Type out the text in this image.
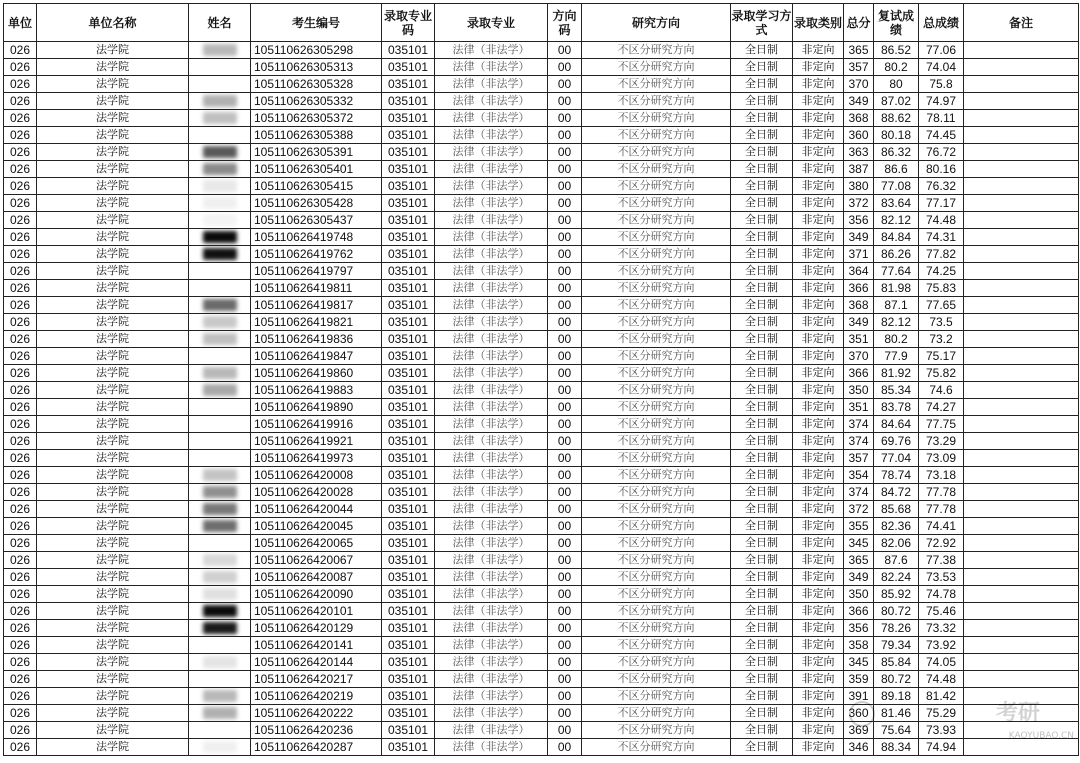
单位	单位名称	姓名	考生编号	录取专业码	录取专业	方向码	研究方向	录取学习方式	录取类别	总分	复试成绩	总成绩	备注
026	法学院		105110626305298	035101	法律（非法学）	00	不区分研究方向	全日制	非定向	365	86.52	77.06	
026	法学院		105110626305313	035101	法律（非法学）	00	不区分研究方向	全日制	非定向	357	80.2	74.04	
026	法学院		105110626305328	035101	法律（非法学）	00	不区分研究方向	全日制	非定向	370	80	75.8	
026	法学院		105110626305332	035101	法律（非法学）	00	不区分研究方向	全日制	非定向	349	87.02	74.97	
026	法学院		105110626305372	035101	法律（非法学）	00	不区分研究方向	全日制	非定向	368	88.62	78.11	
026	法学院		105110626305388	035101	法律（非法学）	00	不区分研究方向	全日制	非定向	360	80.18	74.45	
026	法学院		105110626305391	035101	法律（非法学）	00	不区分研究方向	全日制	非定向	363	86.32	76.72	
026	法学院		105110626305401	035101	法律（非法学）	00	不区分研究方向	全日制	非定向	387	86.6	80.16	
026	法学院		105110626305415	035101	法律（非法学）	00	不区分研究方向	全日制	非定向	380	77.08	76.32	
026	法学院		105110626305428	035101	法律（非法学）	00	不区分研究方向	全日制	非定向	372	83.64	77.17	
026	法学院		105110626305437	035101	法律（非法学）	00	不区分研究方向	全日制	非定向	356	82.12	74.48	
026	法学院		105110626419748	035101	法律（非法学）	00	不区分研究方向	全日制	非定向	349	84.84	74.31	
026	法学院		105110626419762	035101	法律（非法学）	00	不区分研究方向	全日制	非定向	371	86.26	77.82	
026	法学院		105110626419797	035101	法律（非法学）	00	不区分研究方向	全日制	非定向	364	77.64	74.25	
026	法学院		105110626419811	035101	法律（非法学）	00	不区分研究方向	全日制	非定向	366	81.98	75.83	
026	法学院		105110626419817	035101	法律（非法学）	00	不区分研究方向	全日制	非定向	368	87.1	77.65	
026	法学院		105110626419821	035101	法律（非法学）	00	不区分研究方向	全日制	非定向	349	82.12	73.5	
026	法学院		105110626419836	035101	法律（非法学）	00	不区分研究方向	全日制	非定向	351	80.2	73.2	
026	法学院		105110626419847	035101	法律（非法学）	00	不区分研究方向	全日制	非定向	370	77.9	75.17	
026	法学院		105110626419860	035101	法律（非法学）	00	不区分研究方向	全日制	非定向	366	81.92	75.82	
026	法学院		105110626419883	035101	法律（非法学）	00	不区分研究方向	全日制	非定向	350	85.34	74.6	
026	法学院		105110626419890	035101	法律（非法学）	00	不区分研究方向	全日制	非定向	351	83.78	74.27	
026	法学院		105110626419916	035101	法律（非法学）	00	不区分研究方向	全日制	非定向	374	84.64	77.75	
026	法学院		105110626419921	035101	法律（非法学）	00	不区分研究方向	全日制	非定向	374	69.76	73.29	
026	法学院		105110626419973	035101	法律（非法学）	00	不区分研究方向	全日制	非定向	357	77.04	73.09	
026	法学院		105110626420008	035101	法律（非法学）	00	不区分研究方向	全日制	非定向	354	78.74	73.18	
026	法学院		105110626420028	035101	法律（非法学）	00	不区分研究方向	全日制	非定向	374	84.72	77.78	
026	法学院		105110626420044	035101	法律（非法学）	00	不区分研究方向	全日制	非定向	372	85.68	77.78	
026	法学院		105110626420045	035101	法律（非法学）	00	不区分研究方向	全日制	非定向	355	82.36	74.41	
026	法学院		105110626420065	035101	法律（非法学）	00	不区分研究方向	全日制	非定向	345	82.06	72.92	
026	法学院		105110626420067	035101	法律（非法学）	00	不区分研究方向	全日制	非定向	365	87.6	77.38	
026	法学院		105110626420087	035101	法律（非法学）	00	不区分研究方向	全日制	非定向	349	82.24	73.53	
026	法学院		105110626420090	035101	法律（非法学）	00	不区分研究方向	全日制	非定向	350	85.92	74.78	
026	法学院		105110626420101	035101	法律（非法学）	00	不区分研究方向	全日制	非定向	366	80.72	75.46	
026	法学院		105110626420129	035101	法律（非法学）	00	不区分研究方向	全日制	非定向	356	78.26	73.32	
026	法学院		105110626420141	035101	法律（非法学）	00	不区分研究方向	全日制	非定向	358	79.34	73.92	
026	法学院		105110626420144	035101	法律（非法学）	00	不区分研究方向	全日制	非定向	345	85.84	74.05	
026	法学院		105110626420217	035101	法律（非法学）	00	不区分研究方向	全日制	非定向	359	80.72	74.48	
026	法学院		105110626420219	035101	法律（非法学）	00	不区分研究方向	全日制	非定向	391	89.18	81.42	
026	法学院		105110626420222	035101	法律（非法学）	00	不区分研究方向	全日制	非定向	360	81.46	75.29	
026	法学院		105110626420236	035101	法律（非法学）	00	不区分研究方向	全日制	非定向	369	75.64	73.93	
026	法学院		105110626420287	035101	法律（非法学）	00	不区分研究方向	全日制	非定向	346	88.34	74.94	
考研
KAOYUBAO.CN
